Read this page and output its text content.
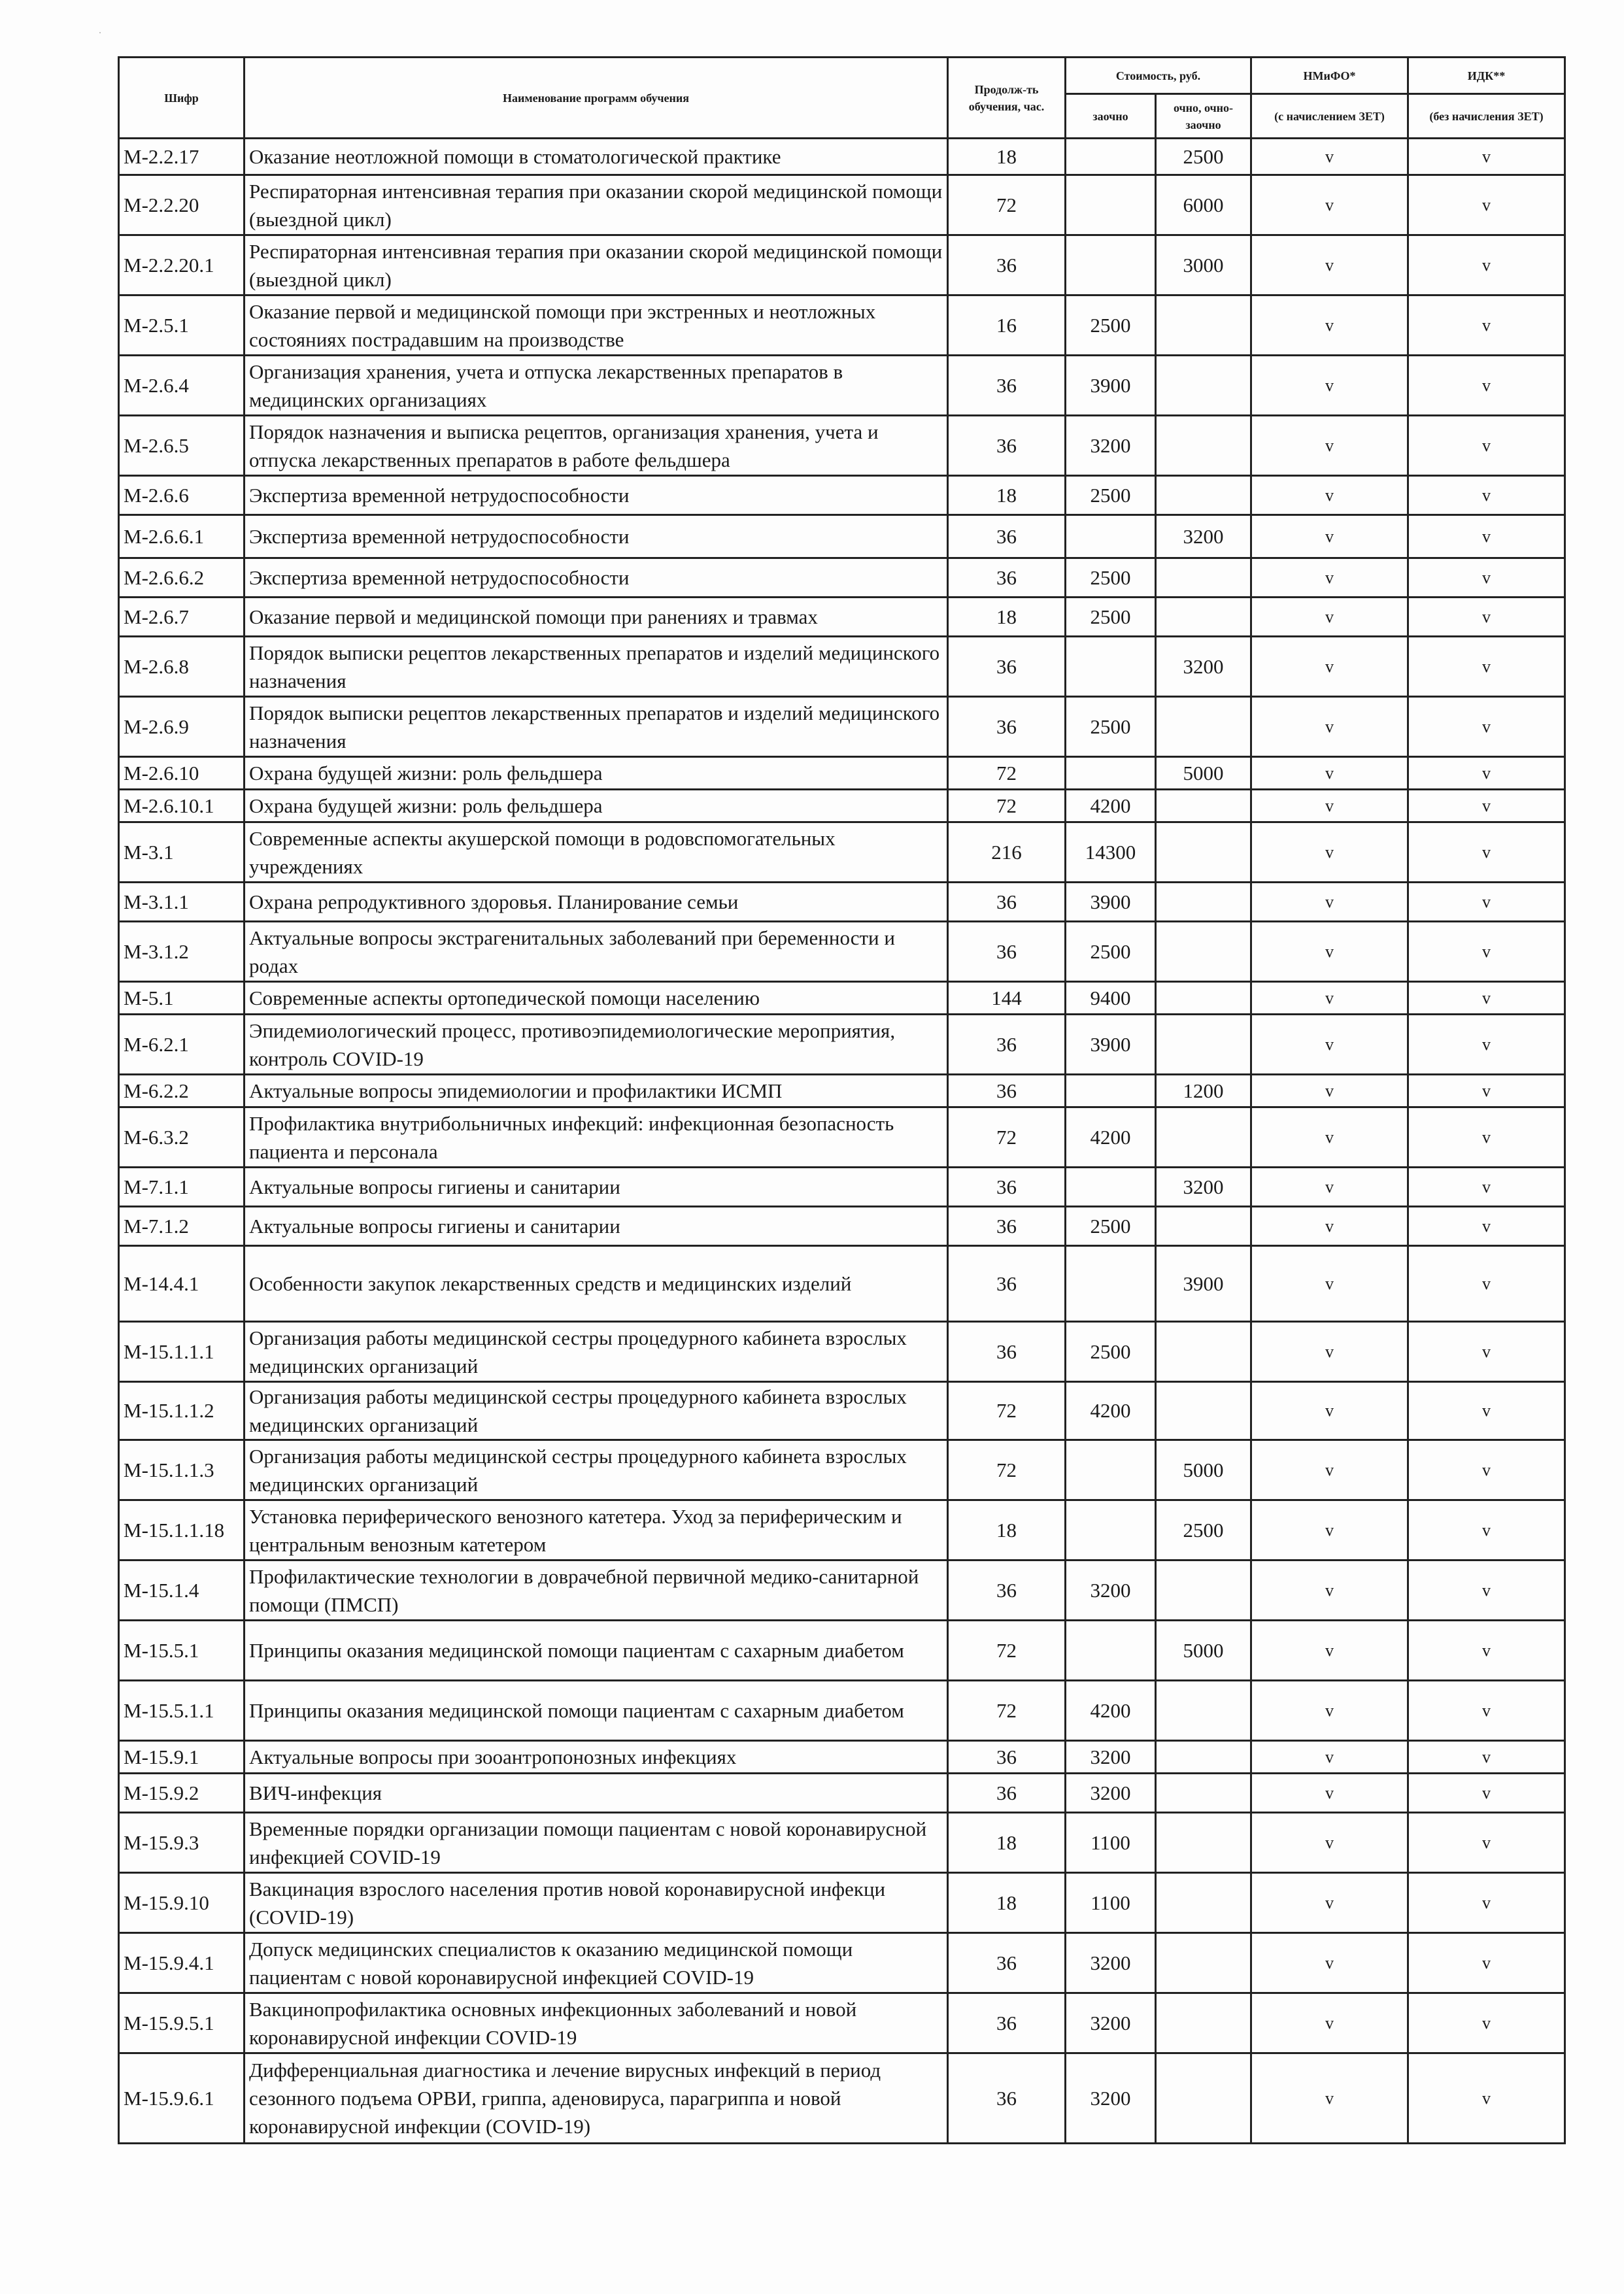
·
Шифр	Наименование программ обучения	Продолж-ть обучения, час.	Стоимость, руб.		НМиФО*	ИДК**
			заочно	очно, очно-заочно	(с начислением ЗЕТ)	(без начисления ЗЕТ)
М-2.2.17	Оказание неотложной помощи в стоматологической практике	18		2500	v	v
М-2.2.20	Респираторная интенсивная терапия при оказании скорой медицинской помощи (выездной цикл)	72		6000	v	v
М-2.2.20.1	Респираторная интенсивная терапия при оказании скорой медицинской помощи (выездной цикл)	36		3000	v	v
М-2.5.1	Оказание первой и медицинской помощи при экстренных и неотложных состояниях пострадавшим на производстве	16	2500		v	v
М-2.6.4	Организация хранения, учета и отпуска лекарственных препаратов в медицинских организациях	36	3900		v	v
М-2.6.5	Порядок назначения и выписка рецептов, организация хранения, учета и отпуска лекарственных препаратов в работе фельдшера	36	3200		v	v
М-2.6.6	Экспертиза временной нетрудоспособности	18	2500		v	v
М-2.6.6.1	Экспертиза временной нетрудоспособности	36		3200	v	v
М-2.6.6.2	Экспертиза временной нетрудоспособности	36	2500		v	v
М-2.6.7	Оказание первой и медицинской помощи при ранениях и травмах	18	2500		v	v
М-2.6.8	Порядок выписки рецептов лекарственных препаратов и изделий медицинского назначения	36		3200	v	v
М-2.6.9	Порядок выписки рецептов лекарственных препаратов и изделий медицинского назначения	36	2500		v	v
М-2.6.10	Охрана будущей жизни: роль фельдшера	72		5000	v	v
М-2.6.10.1	Охрана будущей жизни: роль фельдшера	72	4200		v	v
М-3.1	Современные аспекты акушерской помощи в родовспомогательных учреждениях	216	14300		v	v
М-3.1.1	Охрана репродуктивного здоровья. Планирование семьи	36	3900		v	v
М-3.1.2	Актуальные вопросы экстрагенитальных заболеваний при беременности и родах	36	2500		v	v
М-5.1	Современные аспекты ортопедической помощи населению	144	9400		v	v
М-6.2.1	Эпидемиологический процесс, противоэпидемиологические мероприятия, контроль COVID-19	36	3900		v	v
М-6.2.2	Актуальные вопросы эпидемиологии и профилактики ИСМП	36		1200	v	v
М-6.3.2	Профилактика внутрибольничных инфекций: инфекционная безопасность пациента и персонала	72	4200		v	v
М-7.1.1	Актуальные вопросы гигиены и санитарии	36		3200	v	v
М-7.1.2	Актуальные вопросы гигиены и санитарии	36	2500		v	v
М-14.4.1	Особенности закупок лекарственных средств и медицинских изделий	36		3900	v	v
М-15.1.1.1	Организация работы медицинской сестры процедурного кабинета взрослых медицинских организаций	36	2500		v	v
М-15.1.1.2	Организация работы медицинской сестры процедурного кабинета взрослых медицинских организаций	72	4200		v	v
М-15.1.1.3	Организация работы медицинской сестры процедурного кабинета взрослых медицинских организаций	72		5000	v	v
М-15.1.1.18	Установка периферического венозного катетера. Уход за периферическим и центральным венозным катетером	18		2500	v	v
М-15.1.4	Профилактические технологии в доврачебной первичной медико-санитарной помощи (ПМСП)	36	3200		v	v
М-15.5.1	Принципы оказания медицинской помощи пациентам с сахарным диабетом	72		5000	v	v
М-15.5.1.1	Принципы оказания медицинской помощи пациентам с сахарным диабетом	72	4200		v	v
М-15.9.1	Актуальные вопросы при зооантропонозных инфекциях	36	3200		v	v
М-15.9.2	ВИЧ-инфекция	36	3200		v	v
М-15.9.3	Временные порядки организации помощи пациентам с новой коронавирусной инфекцией COVID-19	18	1100		v	v
М-15.9.10	Вакцинация взрослого населения против новой коронавирусной инфекци (COVID-19)	18	1100		v	v
М-15.9.4.1	Допуск медицинских специалистов к оказанию медицинской помощи пациентам с новой коронавирусной инфекцией COVID-19	36	3200		v	v
М-15.9.5.1	Вакцинопрофилактика основных инфекционных заболеваний и новой коронавирусной инфекции COVID-19	36	3200		v	v
М-15.9.6.1	Дифференциальная диагностика и лечение вирусных инфекций в период сезонного подъема ОРВИ, гриппа, аденовируса, парагриппа и новой коронавирусной инфекции (COVID-19)	36	3200		v	v
